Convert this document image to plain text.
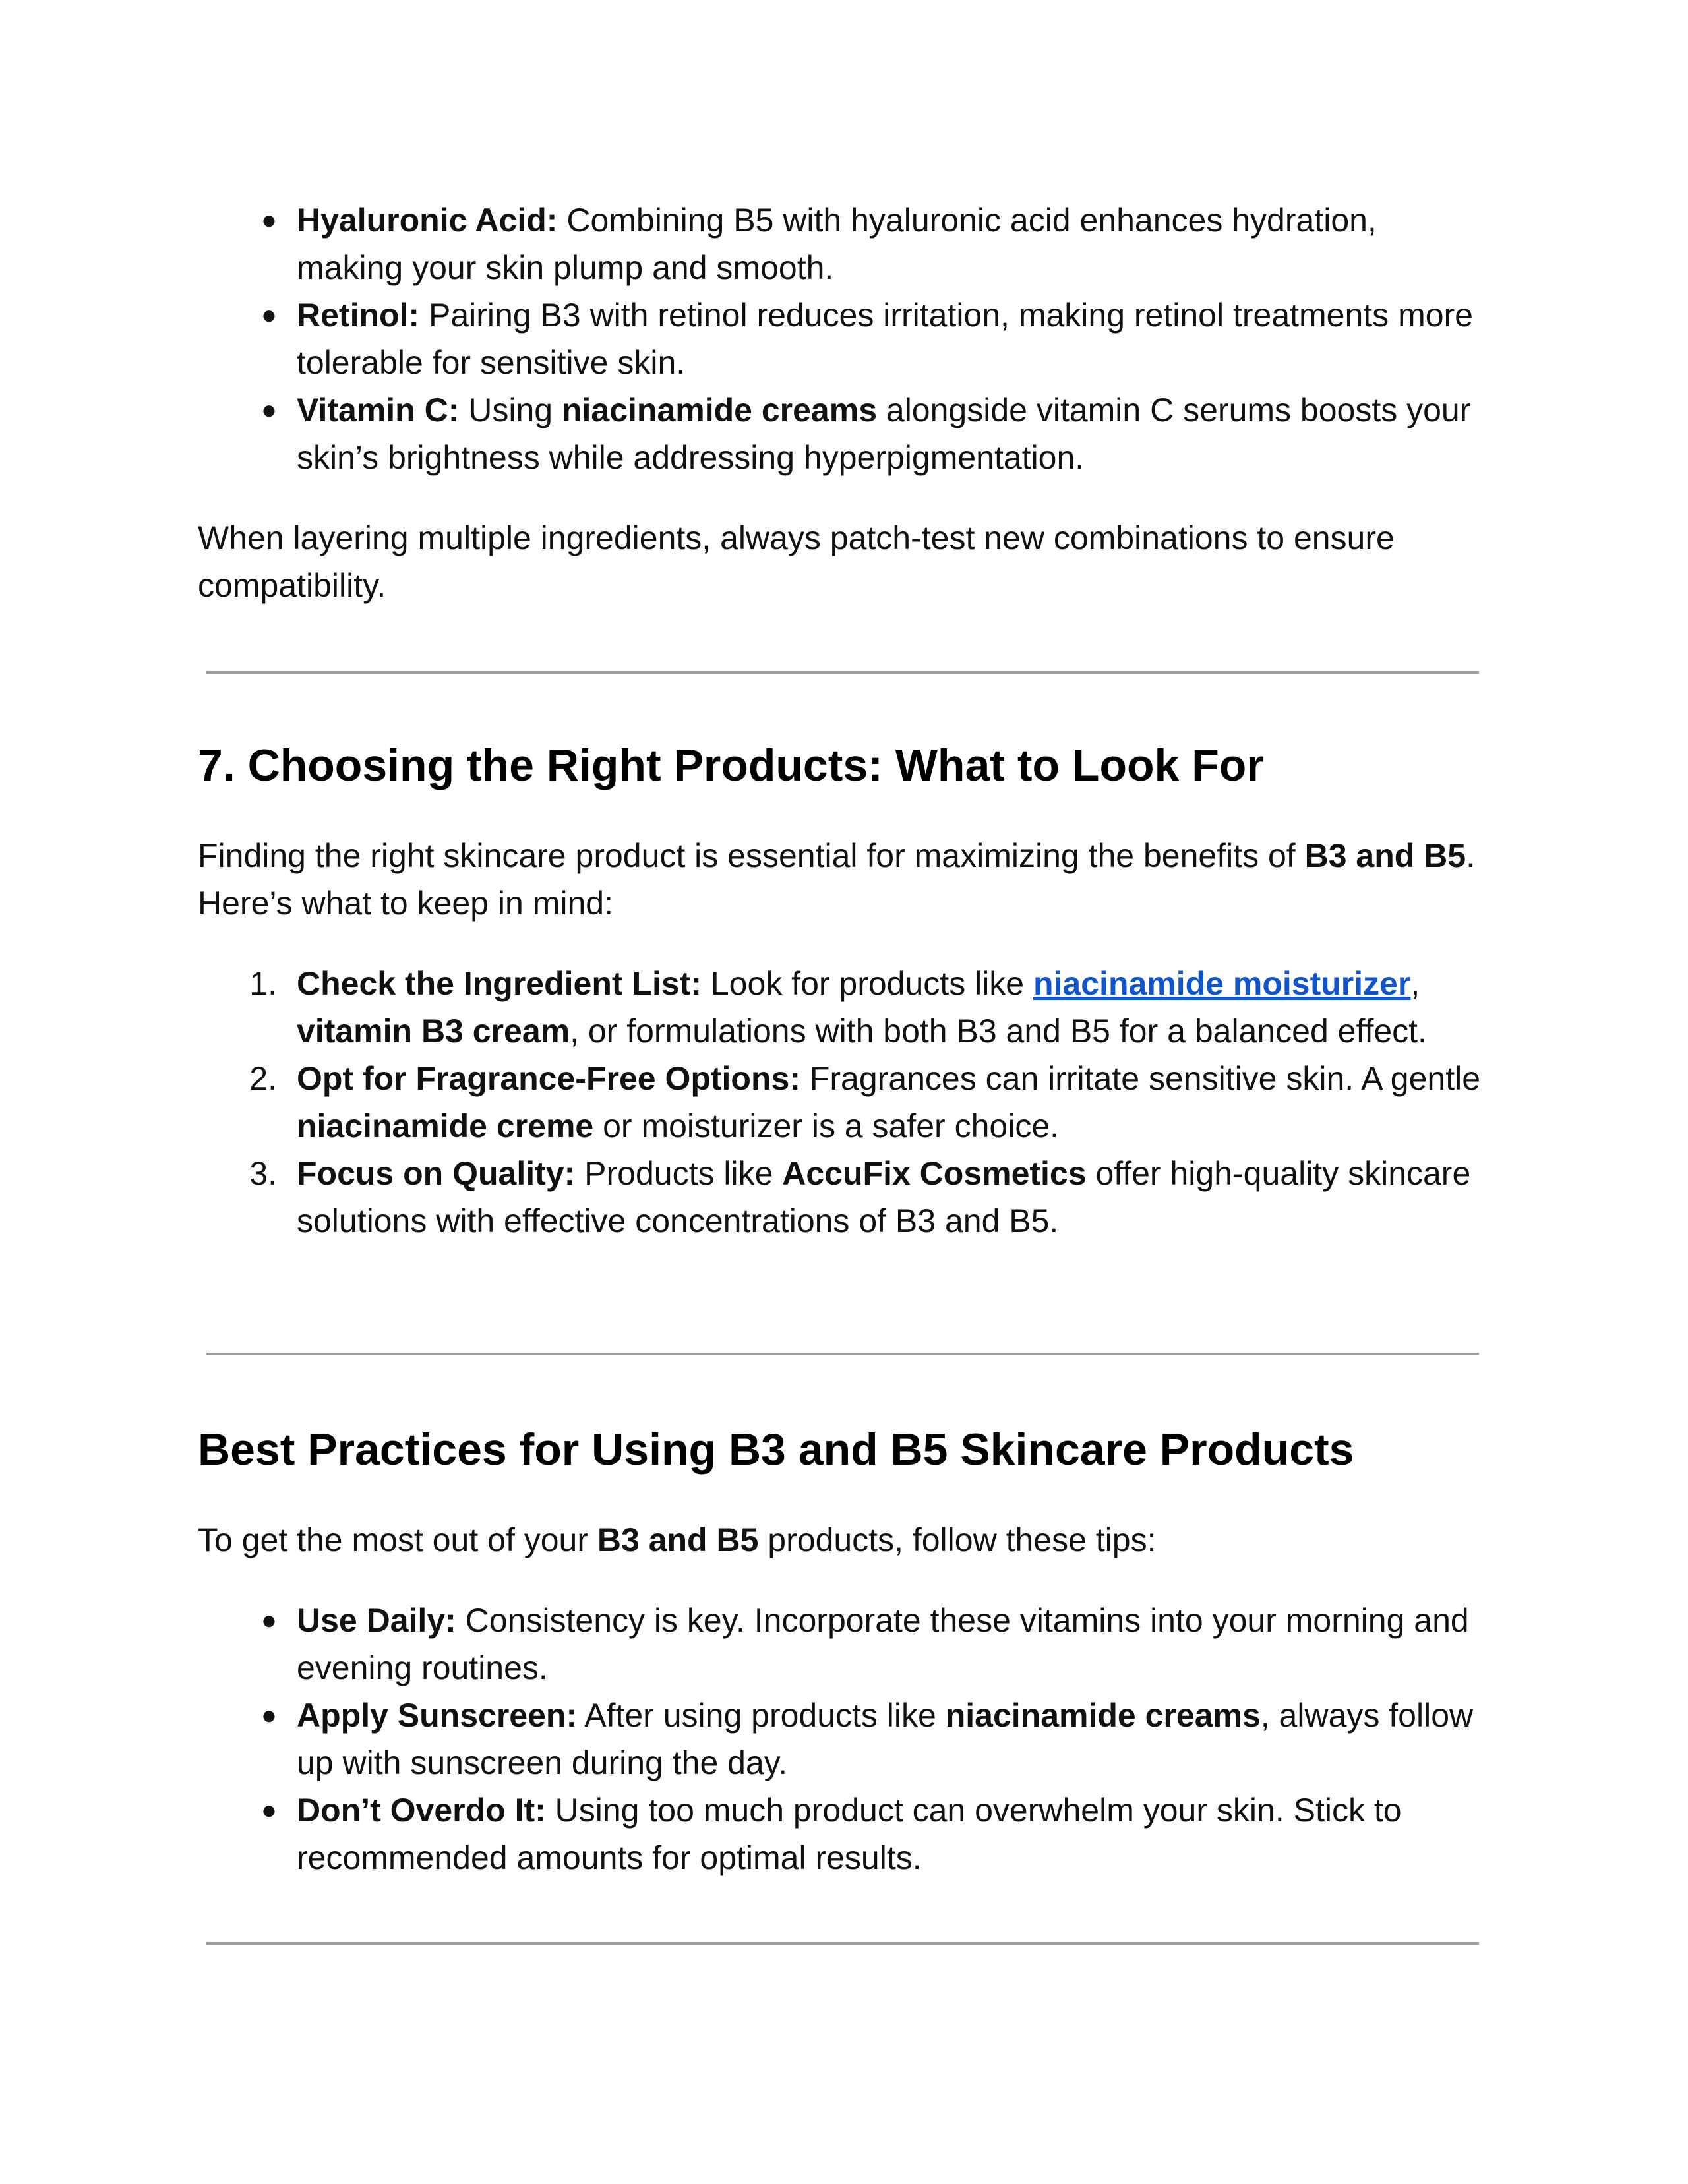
● Hyaluronic Acid: Combining B5 with hyaluronic acid enhances hydration, making your skin plump and smooth.
● Retinol: Pairing B3 with retinol reduces irritation, making retinol treatments more tolerable for sensitive skin.
● Vitamin C: Using niacinamide creams alongside vitamin C serums boosts your skin’s brightness while addressing hyperpigmentation.

When layering multiple ingredients, always patch-test new combinations to ensure compatibility.

7. Choosing the Right Products: What to Look For

Finding the right skincare product is essential for maximizing the benefits of B3 and B5. Here’s what to keep in mind:

1. Check the Ingredient List: Look for products like niacinamide moisturizer, vitamin B3 cream, or formulations with both B3 and B5 for a balanced effect.
2. Opt for Fragrance-Free Options: Fragrances can irritate sensitive skin. A gentle niacinamide creme or moisturizer is a safer choice.
3. Focus on Quality: Products like AccuFix Cosmetics offer high-quality skincare solutions with effective concentrations of B3 and B5.
Best Practices for Using B3 and B5 Skincare Products

To get the most out of your B3 and B5 products, follow these tips:

● Use Daily: Consistency is key. Incorporate these vitamins into your morning and evening routines.
● Apply Sunscreen: After using products like niacinamide creams, always follow up with sunscreen during the day.
● Don’t Overdo It: Using too much product can overwhelm your skin. Stick to recommended amounts for optimal results.
